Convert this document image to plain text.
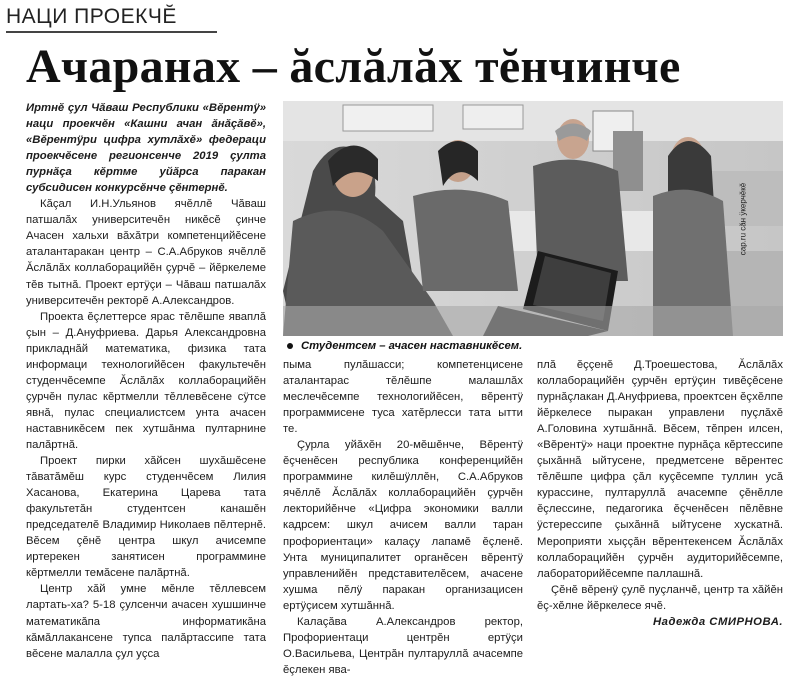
НАЦИ ПРОЕКЧĔ
Ачаранах – ăслăлăх тĕнчинче

Иртнĕ çул Чăваш Республики «Вĕрентÿ» наци проекчĕн «Кашни ачан ăнăçăвĕ», «Вĕрентÿри цифра хутлăхĕ» федераци проекчĕсене регионсенче 2019 çулта пурнăçа кĕртме уйăрса паракан субсидисен конкурсĕнче çĕнтернĕ.

Кăçал И.Н.Ульянов ячĕллĕ Чăваш патшалăх университечĕн никĕсĕ çинче Ачасен хальхи вăхăтри компетенцийĕсене аталантаракан центр – С.А.Абруков ячĕллĕ Ăслăлăх коллаборацийĕн çурчĕ – йĕркелеме тĕв тытнă. Проект ертÿçи – Чăваш патшалăх университечĕн ректорĕ А.Александров.

Проекта ĕçлеттерсе ярас тĕлĕшпе яваплă çын – Д.Ануфриева. Дарья Александровна прикладнăй математика, физика тата информаци технологийĕсен факультечĕн студенчĕсемпе Ăслăлăх коллаборацийĕн çурчĕн пулас кĕртмелли тĕллевĕсене сÿтсе явнă, пулас специалистсем унта ачасен наставникĕсем пек хутшăнма пултарнине палăртнă.

Проект пирки хăйсен шухăшĕсене тăватăмĕш курс студенчĕсем Лилия Хасанова, Екатерина Царева тата факультетăн студентсен канашĕн председателĕ Владимир Николаев пĕлтернĕ. Вĕсем çĕнĕ центра шкул ачисемпе иртерекен занятисен программине кĕртмелли темăсене палăртнă.

Центр хăй умне мĕнле тĕллевсем лартать-ха? 5-18 çулсенчи ачасен хушшинче математикăпа информатикăна кăмăллакансене тупса палăртассипе тата вĕсене малалла çул уçса

cap.ru сăн ÿкерчĕкĕ
Студентсем – ачасен наставникĕсем.

пыма пулăшасси; компетенцисене аталантарас тĕлĕшпе малашлăх меслечĕсемпе технологийĕсен, вĕрентÿ программисене туса хатĕрлесси тата ытти те.

Çурла уйăхĕн 20-мĕшĕнче, Вĕрентÿ ĕçченĕсен республика конференцийĕн программине килĕшÿллĕн, С.А.Абруков ячĕллĕ Ăслăлăх коллаборацийĕн çурчĕн лекторийĕнче «Цифра экономики валли кадрсем: шкул ачисем валли таран профориентаци» калаçу лапамĕ ĕçленĕ. Унта муниципалитет органĕсен вĕрентÿ управленийĕн представителĕсем, ачасене хушма пĕлÿ паракан организацисен ертÿçисем хутшăннă.

Калаçăва А.Александров ректор, Профориентаци центрĕн ертÿçи О.Васильева, Центрăн пултаруллă ачасемпе ĕçлекен ява-

плă ĕççенĕ Д.Троешестова, Ăслăлăх коллаборацийĕн çурчĕн ертÿçин тивĕçĕсене пурнăçлакан Д.Ануфриева, проектсен ĕçхĕлпе йĕркелесе пыракан управлени пуçлăхĕ А.Головина хутшăннă. Вĕсем, тĕпрен илсен, «Вĕрентÿ» наци проектне пурнăçа кĕртессипе çыхăннă ыйтусене, предметсене вĕрентес тĕлĕшпе цифра çăл куçĕсемпе туллин усă курассине, пултаруллă ачасемпе çĕнĕлле ĕçлессине, педагогика ĕçченĕсен пĕлĕвне ÿстерессипе çыхăннă ыйтусене хускатнă. Мероприяти хыççăн вĕрентекенсем Ăслăлăх коллаборацийĕн çурчĕн аудиторийĕсемпе, лабораторийĕсемпе паллашнă.

Çĕнĕ вĕренÿ çулĕ пуçланчĕ, центр та хăйĕн ĕç-хĕлне йĕркелесе ячĕ.

Надежда СМИРНОВА.
